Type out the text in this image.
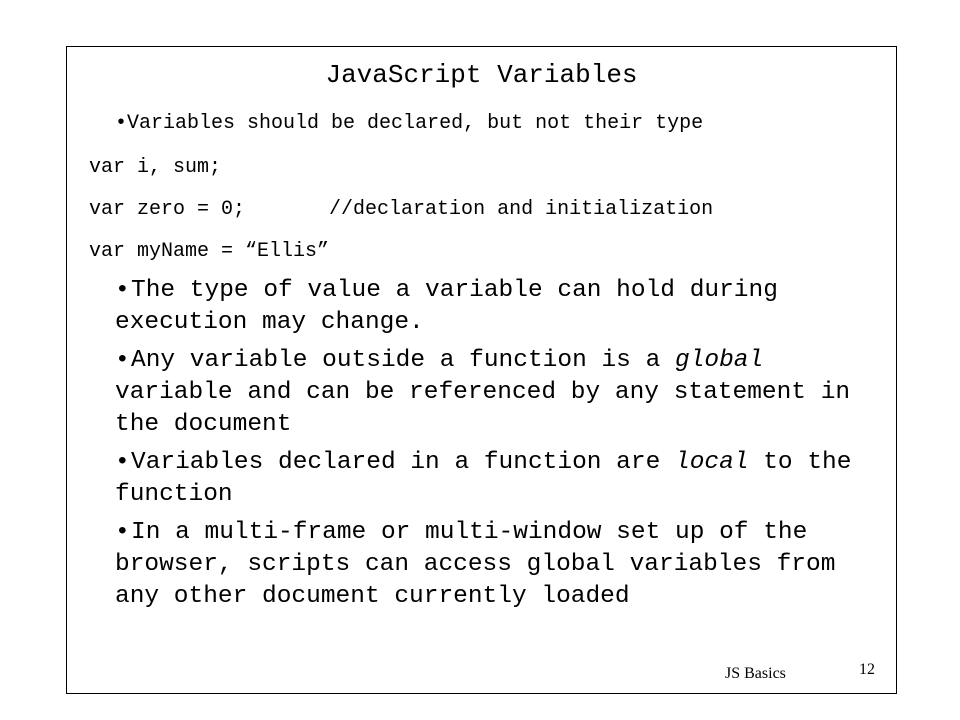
JavaScript Variables
•Variables should be declared, but not their type
var i, sum;
var zero = 0;       //declaration and initialization
var myName = “Ellis”
•The type of value a variable can hold during execution may change.
•Any variable outside a function is a global variable and can be referenced by any statement in the document
•Variables declared in a function are local to the function
•In a multi-frame or multi-window set up of the browser, scripts can access global variables from any other document currently loaded
JS Basics	12
